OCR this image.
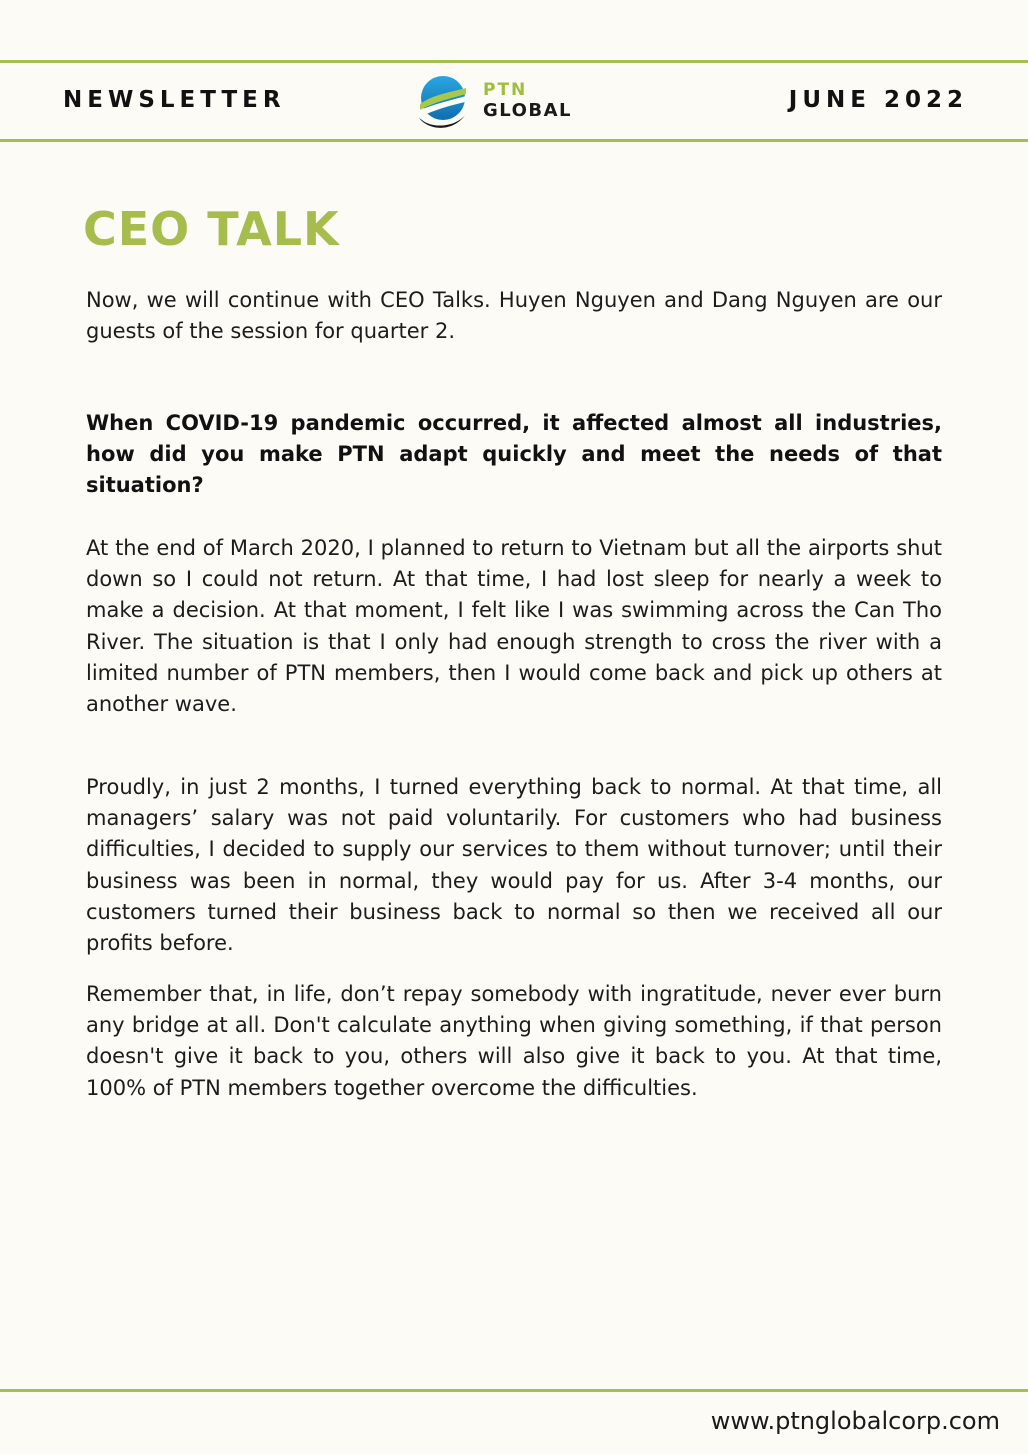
NEWSLETTER	PTN
GLOBAL	JUNE 2022
CEO TALK

Now, we will continue with CEO Talks. Huyen Nguyen and Dang Nguyen are our guests of the session for quarter 2.

When COVID-19 pandemic occurred, it affected almost all industries, how did you make PTN adapt quickly and meet the needs of that situation?

At the end of March 2020, I planned to return to Vietnam but all the airports shut down so I could not return. At that time, I had lost sleep for nearly a week to make a decision. At that moment, I felt like I was swimming across the Can Tho River. The situation is that I only had enough strength to cross the river with a limited number of PTN members, then I would come back and pick up others at another wave.

Proudly, in just 2 months, I turned everything back to normal. At that time, all managers’ salary was not paid voluntarily. For customers who had business difficulties, I decided to supply our services to them without turnover; until their business was been in normal, they would pay for us. After 3-4 months, our customers turned their business back to normal so then we received all our profits before.

Remember that, in life, don’t repay somebody with ingratitude, never ever burn any bridge at all. Don't calculate anything when giving something, if that person doesn't give it back to you, others will also give it back to you. At that time, 100% of PTN members together overcome the difficulties.

www.ptnglobalcorp.com
